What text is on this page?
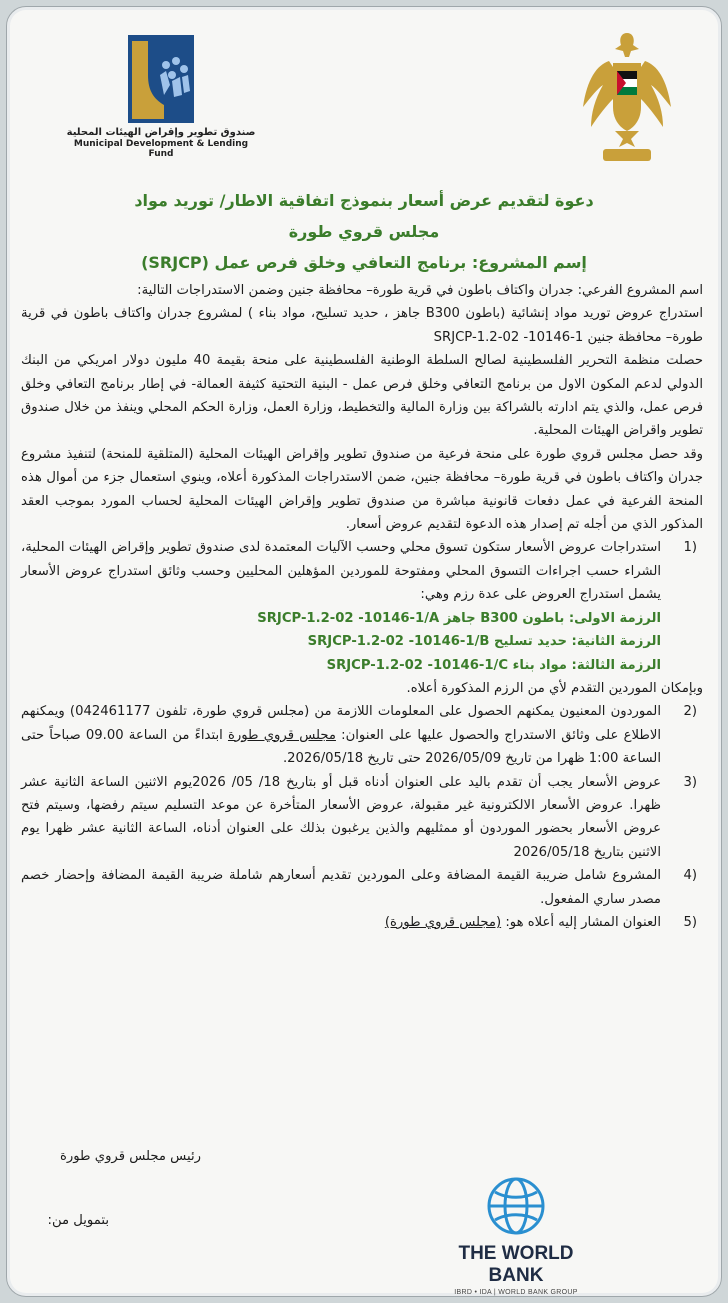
صندوق تطوير وإقراض الهيئات المحلية
Municipal Development & Lending Fund
دعوة لتقديم عرض أسعار بنموذج اتفاقية الاطار/ توريد مواد
مجلس قروي طورة
إسم المشروع: برنامج التعافي وخلق فرص عمل (SRJCP)

اسم المشروع الفرعي: جدران واكتاف باطون في قرية طورة– محافظة جنين وضمن الاستدراجات التالية:

استدراج عروض توريد مواد إنشائية (باطون B300 جاهز ، حديد تسليح، مواد بناء ) لمشروع جدران واكتاف باطون في قرية طورة– محافظة جنين SRJCP-1.2-02 -10146-1

حصلت منظمة التحرير الفلسطينية لصالح السلطة الوطنية الفلسطينية على منحة بقيمة 40 مليون دولار امريكي من البنك الدولي لدعم المكون الاول من برنامج التعافي وخلق فرص عمل - البنية التحتية كثيفة العمالة- في إطار برنامج التعافي وخلق فرص عمل، والذي يتم ادارته بالشراكة بين وزارة المالية والتخطيط، وزارة العمل، وزارة الحكم المحلي وينفذ من خلال صندوق تطوير واقراض الهيئات المحلية.

وقد حصل مجلس قروي طورة على منحة فرعية من صندوق تطوير وإقراض الهيئات المحلية (المتلقية للمنحة) لتنفيذ مشروع جدران واكتاف باطون في قرية طورة– محافظة جنين، ضمن الاستدراجات المذكورة أعلاه، وينوي استعمال جزء من أموال هذه المنحة الفرعية في عمل دفعات قانونية مباشرة من صندوق تطوير وإقراض الهيئات المحلية لحساب المورد بموجب العقد المذكور الذي من أجله تم إصدار هذه الدعوة لتقديم عروض أسعار.

1)

استدراجات عروض الأسعار ستكون تسوق محلي وحسب الآليات المعتمدة لدى صندوق تطوير وإقراض الهيئات المحلية، الشراء حسب اجراءات التسوق المحلي ومفتوحة للموردين المؤهلين المحليين وحسب وثائق استدراج عروض الأسعار يشمل استدراج العروض على عدة رزم وهي:

الرزمة الاولى: باطون B300 جاهز SRJCP-1.2-02 -10146-1/A

الرزمة الثانية: حديد تسليح SRJCP-1.2-02 -10146-1/B

الرزمة الثالثة: مواد بناء SRJCP-1.2-02 -10146-1/C

وبإمكان الموردين التقدم لأي من الرزم المذكورة أعلاه.

2)

الموردون المعنيون يمكنهم الحصول على المعلومات اللازمة من (مجلس قروي طورة، تلفون 042461177) ويمكنهم الاطلاع على وثائق الاستدراج والحصول عليها على العنوان: مجلس قروي طورة ابتداءً من الساعة 09.00 صباحاً حتى الساعة 1:00 ظهرا من تاريخ 2026/05/09 حتى تاريخ 2026/05/18.

3)

عروض الأسعار يجب أن تقدم باليد على العنوان أدناه قبل أو بتاريخ 18/ 05/ 2026يوم الاثنين الساعة الثانية عشر ظهرا. عروض الأسعار الالكترونية غير مقبولة، عروض الأسعار المتأخرة عن موعد التسليم سيتم رفضها، وسيتم فتح عروض الأسعار بحضور الموردون أو ممثليهم والذين يرغبون بذلك على العنوان أدناه، الساعة الثانية عشر ظهرا يوم الاثنين بتاريخ 2026/05/18

4)

المشروع شامل ضريبة القيمة المضافة وعلى الموردين تقديم أسعارهم شاملة ضريبة القيمة المضافة وإحضار خصم مصدر ساري المفعول.

5)

العنوان المشار إليه أعلاه هو: (مجلس قروي طورة)

رئيس مجلس قروي طورة
بتمويل من:
THE WORLD BANK
IBRD • IDA | WORLD BANK GROUP
